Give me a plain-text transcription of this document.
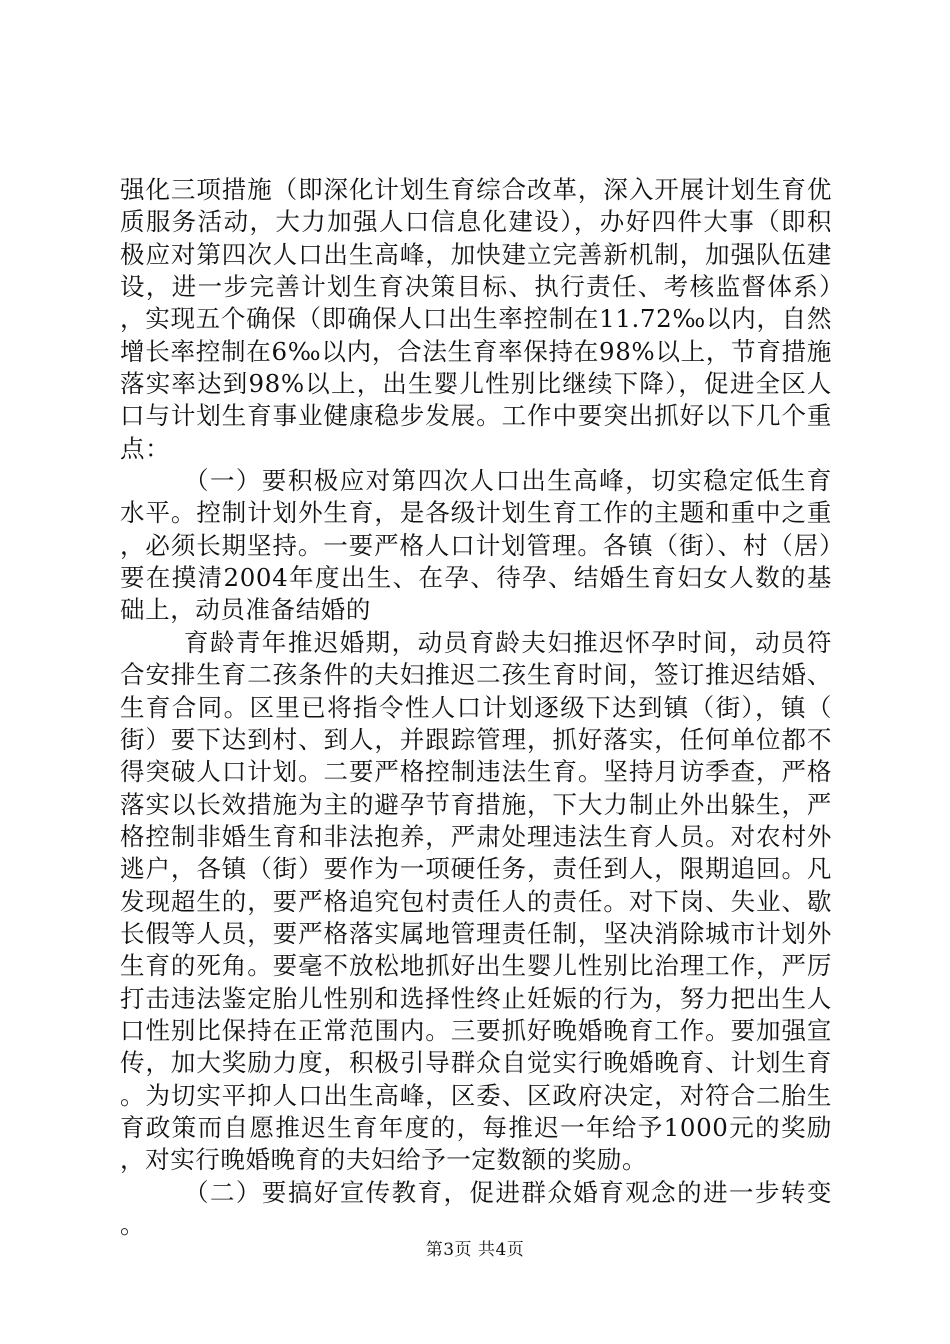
强化三项措施（即深化计划生育综合改革，深入开展计划生育优质服务活动，大力加强人口信息化建设），办好四件大事（即积极应对第四次人口出生高峰，加快建立完善新机制，加强队伍建设，进一步完善计划生育决策目标、执行责任、考核监督体系），实现五个确保（即确保人口出生率控制在11.72‰以内，自然增长率控制在6‰以内，合法生育率保持在98%以上，节育措施落实率达到98%以上，出生婴儿性别比继续下降），促进全区人口与计划生育事业健康稳步发展。工作中要突出抓好以下几个重点：

（一）要积极应对第四次人口出生高峰，切实稳定低生育水平。控制计划外生育，是各级计划生育工作的主题和重中之重，必须长期坚持。一要严格人口计划管理。各镇（街）、村（居）要在摸清2004年度出生、在孕、待孕、结婚生育妇女人数的基础上，动员准备结婚的

育龄青年推迟婚期，动员育龄夫妇推迟怀孕时间，动员符合安排生育二孩条件的夫妇推迟二孩生育时间，签订推迟结婚、生育合同。区里已将指令性人口计划逐级下达到镇（街），镇（街）要下达到村、到人，并跟踪管理，抓好落实，任何单位都不得突破人口计划。二要严格控制违法生育。坚持月访季查，严格落实以长效措施为主的避孕节育措施，下大力制止外出躲生，严格控制非婚生育和非法抱养，严肃处理违法生育人员。对农村外逃户，各镇（街）要作为一项硬任务，责任到人，限期追回。凡发现超生的，要严格追究包村责任人的责任。对下岗、失业、歇长假等人员，要严格落实属地管理责任制，坚决消除城市计划外生育的死角。要毫不放松地抓好出生婴儿性别比治理工作，严厉打击违法鉴定胎儿性别和选择性终止妊娠的行为，努力把出生人口性别比保持在正常范围内。三要抓好晚婚晚育工作。要加强宣传，加大奖励力度，积极引导群众自觉实行晚婚晚育、计划生育。为切实平抑人口出生高峰，区委、区政府决定，对符合二胎生育政策而自愿推迟生育年度的，每推迟一年给予1000元的奖励，对实行晚婚晚育的夫妇给予一定数额的奖励。

（二）要搞好宣传教育，促进群众婚育观念的进一步转变。

第3页 共4页
